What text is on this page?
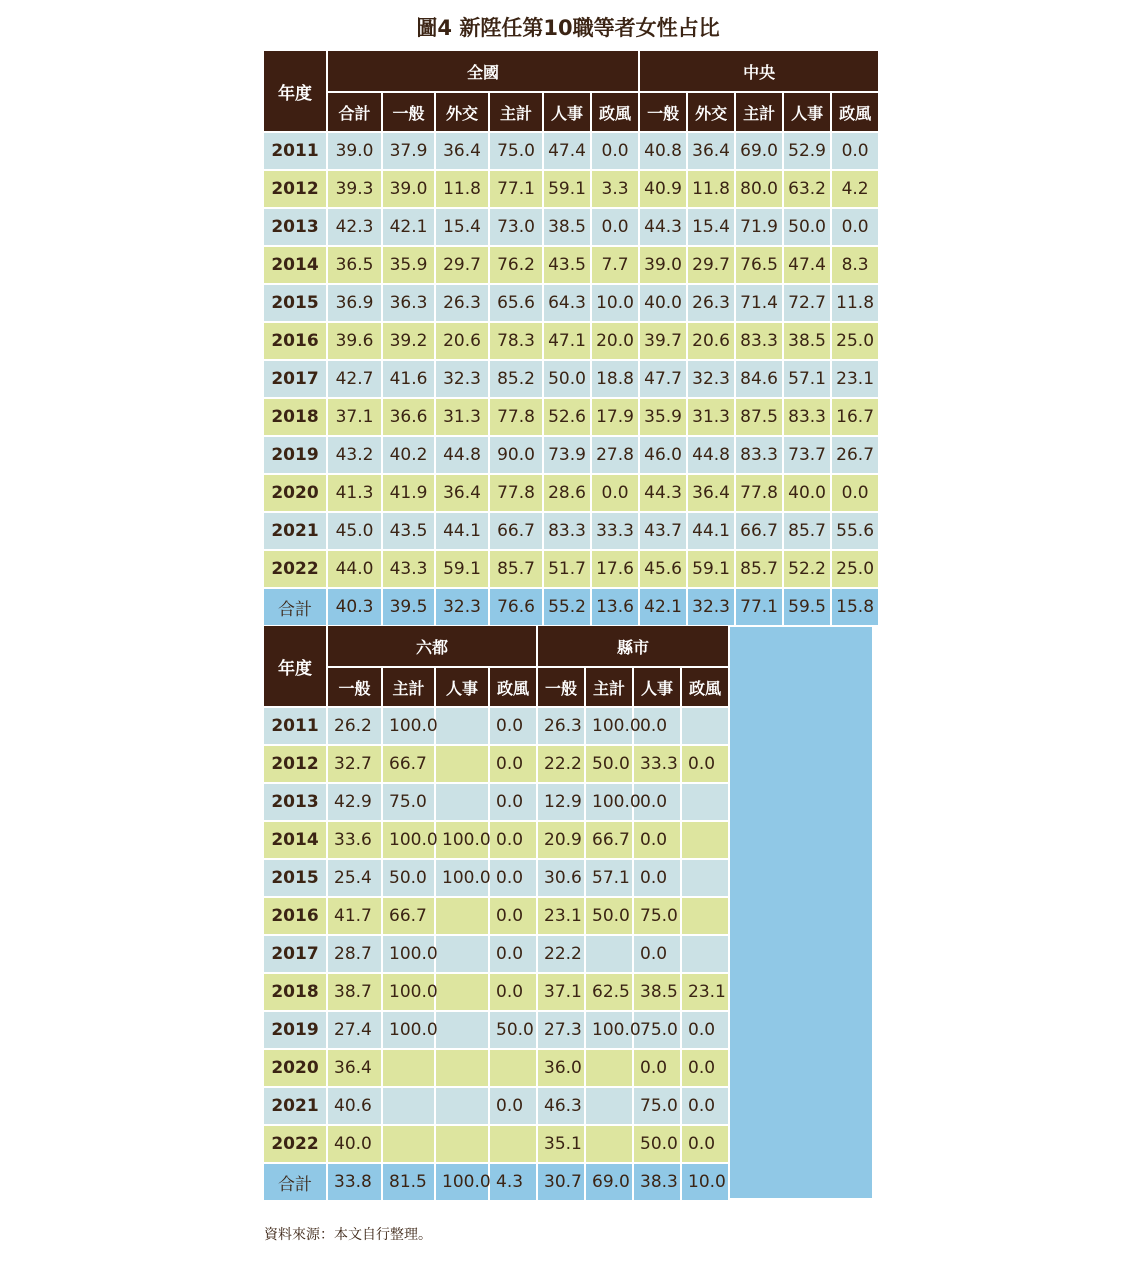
圖4 新陞任第10職等者女性占比
年度	全國						中央				
	合計	一般	外交	主計	人事	政風	一般	外交	主計	人事	政風
2011	39.0	37.9	36.4	75.0	47.4	0.0	40.8	36.4	69.0	52.9	0.0
2012	39.3	39.0	11.8	77.1	59.1	3.3	40.9	11.8	80.0	63.2	4.2
2013	42.3	42.1	15.4	73.0	38.5	0.0	44.3	15.4	71.9	50.0	0.0
2014	36.5	35.9	29.7	76.2	43.5	7.7	39.0	29.7	76.5	47.4	8.3
2015	36.9	36.3	26.3	65.6	64.3	10.0	40.0	26.3	71.4	72.7	11.8
2016	39.6	39.2	20.6	78.3	47.1	20.0	39.7	20.6	83.3	38.5	25.0
2017	42.7	41.6	32.3	85.2	50.0	18.8	47.7	32.3	84.6	57.1	23.1
2018	37.1	36.6	31.3	77.8	52.6	17.9	35.9	31.3	87.5	83.3	16.7
2019	43.2	40.2	44.8	90.0	73.9	27.8	46.0	44.8	83.3	73.7	26.7
2020	41.3	41.9	36.4	77.8	28.6	0.0	44.3	36.4	77.8	40.0	0.0
2021	45.0	43.5	44.1	66.7	83.3	33.3	43.7	44.1	66.7	85.7	55.6
2022	44.0	43.3	59.1	85.7	51.7	17.6	45.6	59.1	85.7	52.2	25.0
合計	40.3	39.5	32.3	76.6	55.2	13.6	42.1	32.3	77.1	59.5	15.8
年度	六都				縣市			
	一般	主計	人事	政風	一般	主計	人事	政風
2011	26.2	100.0		0.0	26.3	100.0	0.0	
2012	32.7	66.7		0.0	22.2	50.0	33.3	0.0
2013	42.9	75.0		0.0	12.9	100.0	0.0	
2014	33.6	100.0	100.0	0.0	20.9	66.7	0.0	
2015	25.4	50.0	100.0	0.0	30.6	57.1	0.0	
2016	41.7	66.7		0.0	23.1	50.0	75.0	
2017	28.7	100.0		0.0	22.2		0.0	
2018	38.7	100.0		0.0	37.1	62.5	38.5	23.1
2019	27.4	100.0		50.0	27.3	100.0	75.0	0.0
2020	36.4				36.0		0.0	0.0
2021	40.6			0.0	46.3		75.0	0.0
2022	40.0				35.1		50.0	0.0
合計	33.8	81.5	100.0	4.3	30.7	69.0	38.3	10.0
資料來源：本文自行整理。
